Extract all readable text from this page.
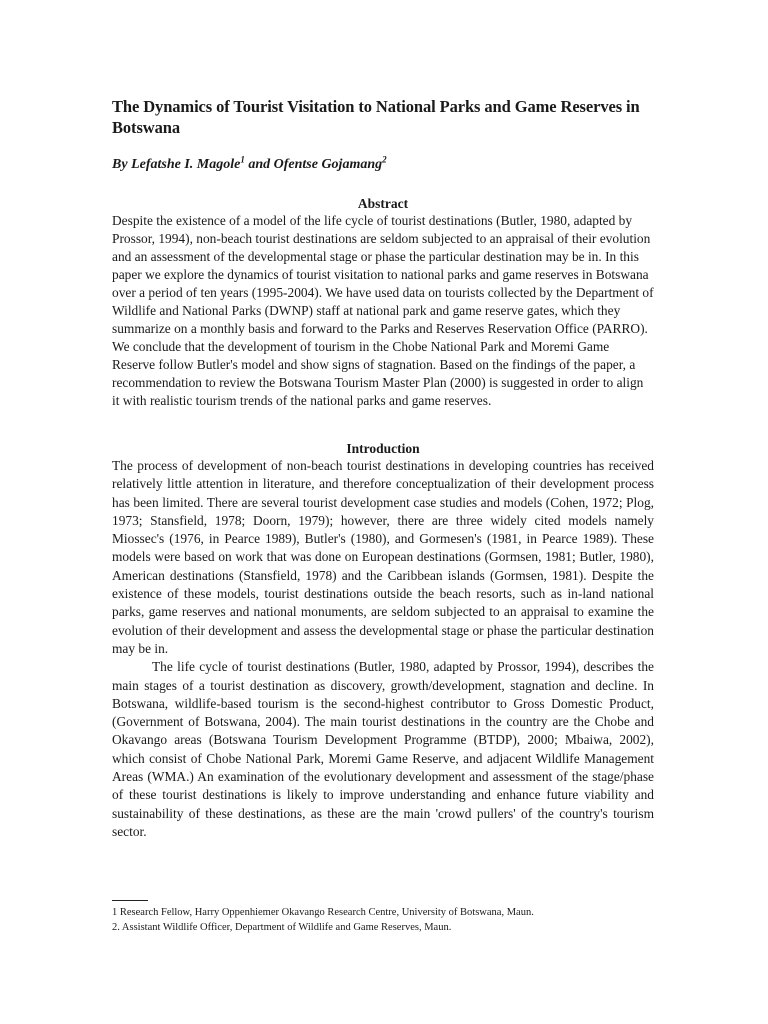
The Dynamics of Tourist Visitation to National Parks and Game Reserves in Botswana
By Lefatshe I. Magole$^1$ and Ofentse Gojamang$^2$
Abstract

Despite the existence of a model of the life cycle of tourist destinations (Butler, 1980, adapted by Prossor, 1994), non-beach tourist destinations are seldom subjected to an appraisal of their evolution and an assessment of the developmental stage or phase the particular destination may be in. In this paper we explore the dynamics of tourist visitation to national parks and game reserves in Botswana over a period of ten years (1995-2004). We have used data on tourists collected by the Department of Wildlife and National Parks (DWNP) staff at national park and game reserve gates, which they summarize on a monthly basis and forward to the Parks and Reserves Reservation Office (PARRO). We conclude that the development of tourism in the Chobe National Park and Moremi Game Reserve follow Butler's model and show signs of stagnation. Based on the findings of the paper, a recommendation to review the Botswana Tourism Master Plan (2000) is suggested in order to align it with realistic tourism trends of the national parks and game reserves.

Introduction

The process of development of non-beach tourist destinations in developing countries has received relatively little attention in literature, and therefore conceptualization of their development process has been limited. There are several tourist development case studies and models (Cohen, 1972; Plog, 1973; Stansfield, 1978; Doorn, 1979); however, there are three widely cited models namely Miossec's (1976, in Pearce 1989), Butler's (1980), and Gormesen's (1981, in Pearce 1989). These models were based on work that was done on European destinations (Gormsen, 1981; Butler, 1980), American destinations (Stansfield, 1978) and the Caribbean islands (Gormsen, 1981). Despite the existence of these models, tourist destinations outside the beach resorts, such as in-land national parks, game reserves and national monuments, are seldom subjected to an appraisal to examine the evolution of their development and assess the developmental stage or phase the particular destination may be in.

The life cycle of tourist destinations (Butler, 1980, adapted by Prossor, 1994), describes the main stages of a tourist destination as discovery, growth/development, stagnation and decline. In Botswana, wildlife-based tourism is the second-highest contributor to Gross Domestic Product, (Government of Botswana, 2004). The main tourist destinations in the country are the Chobe and Okavango areas (Botswana Tourism Development Programme (BTDP), 2000; Mbaiwa, 2002), which consist of Chobe National Park, Moremi Game Reserve, and adjacent Wildlife Management Areas (WMA.) An examination of the evolutionary development and assessment of the stage/phase of these tourist destinations is likely to improve understanding and enhance future viability and sustainability of these destinations, as these are the main 'crowd pullers' of the country's tourism sector.

1 Research Fellow, Harry Oppenhiemer Okavango Research Centre, University of Botswana, Maun.

2. Assistant Wildlife Officer, Department of Wildlife and Game Reserves, Maun.
